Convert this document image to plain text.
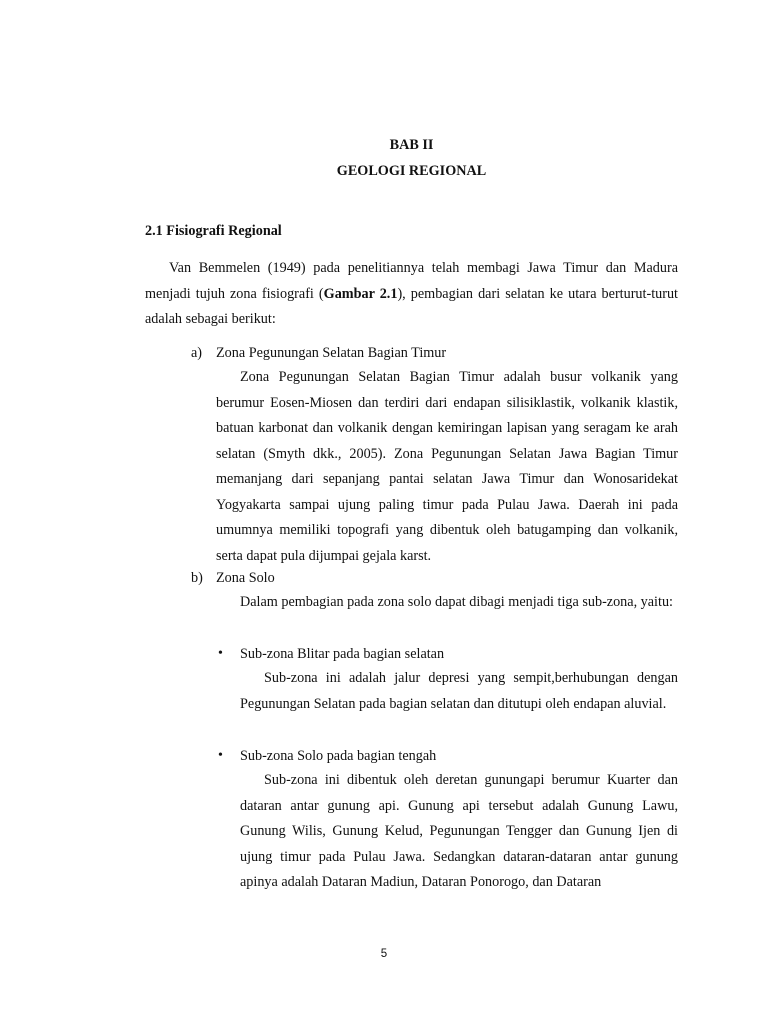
BAB II
GEOLOGI REGIONAL
2.1 Fisiografi Regional

Van Bemmelen (1949) pada penelitiannya telah membagi Jawa Timur dan Madura menjadi tujuh zona fisiografi (Gambar 2.1), pembagian dari selatan ke utara berturut-turut adalah sebagai berikut:

a) Zona Pegunungan Selatan Bagian Timur

Zona Pegunungan Selatan Bagian Timur adalah busur volkanik yang berumur Eosen-Miosen dan terdiri dari endapan silisiklastik, volkanik klastik, batuan karbonat dan volkanik dengan kemiringan lapisan yang seragam ke arah selatan (Smyth dkk., 2005). Zona Pegunungan Selatan Jawa Bagian Timur memanjang dari sepanjang pantai selatan Jawa Timur dan Wonosaridekat Yogyakarta sampai ujung paling timur pada Pulau Jawa. Daerah ini pada umumnya memiliki topografi yang dibentuk oleh batugamping dan volkanik, serta dapat pula dijumpai gejala karst.

b) Zona Solo

Dalam pembagian pada zona solo dapat dibagi menjadi tiga sub-zona, yaitu:

• Sub-zona Blitar pada bagian selatan

Sub-zona ini adalah jalur depresi yang sempit,berhubungan dengan Pegunungan Selatan pada bagian selatan dan ditutupi oleh endapan aluvial.

• Sub-zona Solo pada bagian tengah

Sub-zona ini dibentuk oleh deretan gunungapi berumur Kuarter dan dataran antar gunung api. Gunung api tersebut adalah Gunung Lawu, Gunung Wilis, Gunung Kelud, Pegunungan Tengger dan Gunung Ijen di ujung timur pada Pulau Jawa. Sedangkan dataran-dataran antar gunung apinya adalah Dataran Madiun, Dataran Ponorogo, dan Dataran

5
